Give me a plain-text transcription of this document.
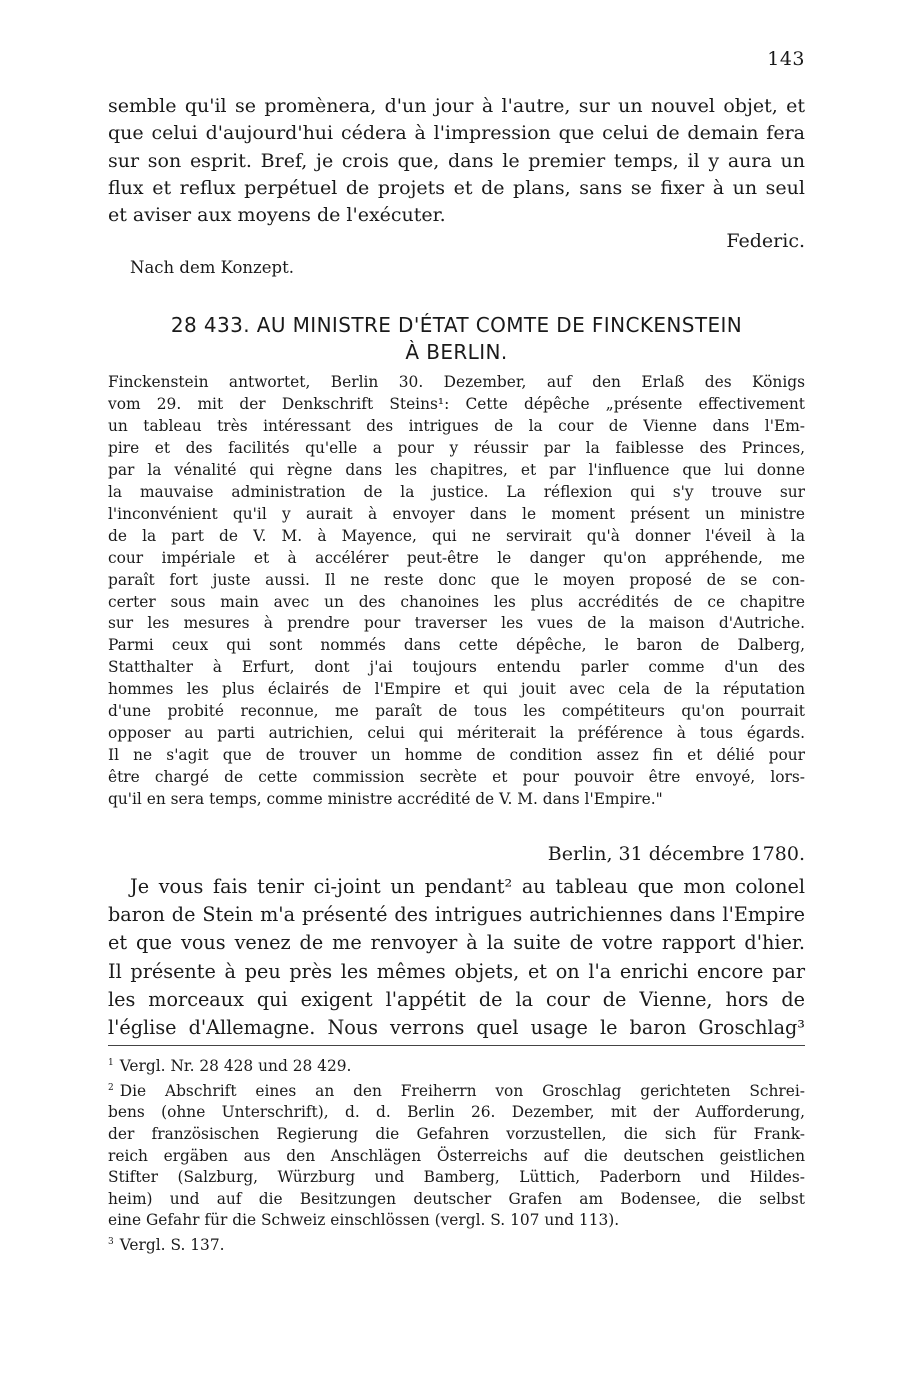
143
semble qu'il se promènera, d'un jour à l'autre, sur un nouvel objet, et
que celui d'aujourd'hui cédera à l'impression que celui de demain fera
sur son esprit. Bref, je crois que, dans le premier temps, il y aura un
flux et reflux perpétuel de projets et de plans, sans se fixer à un seul
et aviser aux moyens de l'exécuter.
Federic.
Nach dem Konzept.
28 433. AU MINISTRE D'ÉTAT COMTE DE FINCKENSTEIN
À BERLIN.
Finckenstein antwortet, Berlin 30. Dezember, auf den Erlaß des Königs
vom 29. mit der Denkschrift Steins¹: Cette dépêche „présente effectivement
un tableau très intéressant des intrigues de la cour de Vienne dans l'Em-
pire et des facilités qu'elle a pour y réussir par la faiblesse des Princes,
par la vénalité qui règne dans les chapitres, et par l'influence que lui donne
la mauvaise administration de la justice. La réflexion qui s'y trouve sur
l'inconvénient qu'il y aurait à envoyer dans le moment présent un ministre
de la part de V. M. à Mayence, qui ne servirait qu'à donner l'éveil à la
cour impériale et à accélérer peut-être le danger qu'on appréhende, me
paraît fort juste aussi. Il ne reste donc que le moyen proposé de se con-
certer sous main avec un des chanoines les plus accrédités de ce chapitre
sur les mesures à prendre pour traverser les vues de la maison d'Autriche.
Parmi ceux qui sont nommés dans cette dépêche, le baron de Dalberg,
Statthalter à Erfurt, dont j'ai toujours entendu parler comme d'un des
hommes les plus éclairés de l'Empire et qui jouit avec cela de la réputation
d'une probité reconnue, me paraît de tous les compétiteurs qu'on pourrait
opposer au parti autrichien, celui qui mériterait la préférence à tous égards.
Il ne s'agit que de trouver un homme de condition assez fin et délié pour
être chargé de cette commission secrète et pour pouvoir être envoyé, lors-
qu'il en sera temps, comme ministre accrédité de V. M. dans l'Empire."
Berlin, 31 décembre 1780.
Je vous fais tenir ci-joint un pendant² au tableau que mon colonel
baron de Stein m'a présenté des intrigues autrichiennes dans l'Empire
et que vous venez de me renvoyer à la suite de votre rapport d'hier.
Il présente à peu près les mêmes objets, et on l'a enrichi encore par
les morceaux qui exigent l'appétit de la cour de Vienne, hors de
l'église d'Allemagne. Nous verrons quel usage le baron Groschlag³
$^1$ Vergl. Nr. 28 428 und 28 429.
$^2$ Die Abschrift eines an den Freiherrn von Groschlag gerichteten Schrei-
bens (ohne Unterschrift), d. d. Berlin 26. Dezember, mit der Aufforderung,
der französischen Regierung die Gefahren vorzustellen, die sich für Frank-
reich ergäben aus den Anschlägen Österreichs auf die deutschen geistlichen
Stifter (Salzburg, Würzburg und Bamberg, Lüttich, Paderborn und Hildes-
heim) und auf die Besitzungen deutscher Grafen am Bodensee, die selbst
eine Gefahr für die Schweiz einschlössen (vergl. S. 107 und 113).
$^3$ Vergl. S. 137.
